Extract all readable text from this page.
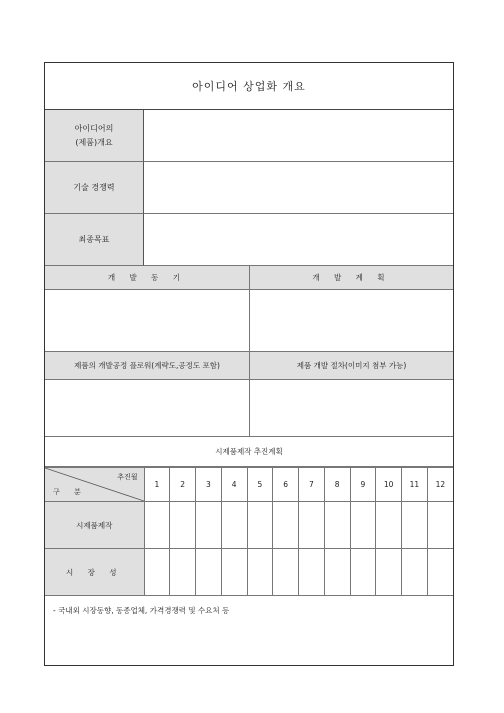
아이디어 상업화 개요
아이디어의
(제품)개요
기술 경쟁력
최종목표
개 발 동 기	개 발 계 획
제품의 개발공정 플로워(계략도,공정도 포함)	제품 개발 절차(이미지 첨부 가능)
시제품제작 추진계획
추진월
구 분	1	2	3	4	5	6	7	8	9	10	11	12
시제품제작												
시 장 성												
- 국내외 시장동향, 동종업체, 가격경쟁력 및 수요처 등
